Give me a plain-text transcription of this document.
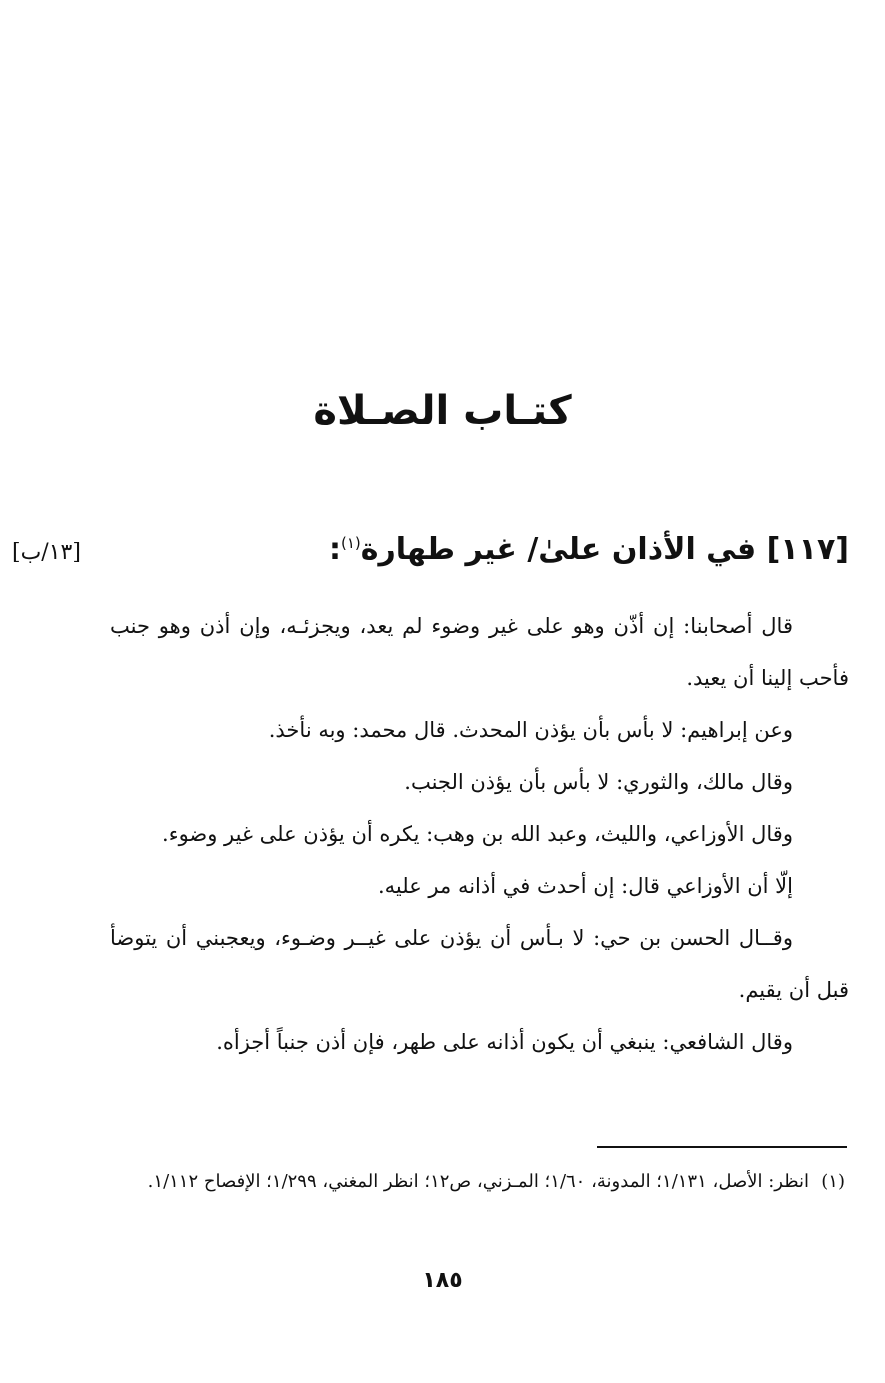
كتـاب الصـلاة
[١١٧] في الأذان علىٰ/ غير طهارة$^{(١)}$:
[١٣/ب]

قال أصحابنا: إن أذّن وهو على غير وضوء لم يعد، ويجزئـه، وإن أذن وهو جنب فأحب إلينا أن يعيد.

وعن إبراهيم: لا بأس بأن يؤذن المحدث. قال محمد: وبه نأخذ.

وقال مالك، والثوري: لا بأس بأن يؤذن الجنب.

وقال الأوزاعي، والليث، وعبد الله بن وهب: يكره أن يؤذن على غير وضوء.

إلّا أن الأوزاعي قال: إن أحدث في أذانه مر عليه.

وقــال الحسن بن حي: لا بـأس أن يؤذن على غيــر وضـوء، ويعجبني أن يتوضأ قبل أن يقيم.

وقال الشافعي: ينبغي أن يكون أذانه على طهر، فإن أذن جنباً أجزأه.

(١)انظر: الأصل، ١/١٣١؛ المدونة، ١/٦٠؛ المـزني، ص١٢؛ انظر المغني، ١/٢٩٩؛ الإفصاح ١/١١٢.
١٨٥
